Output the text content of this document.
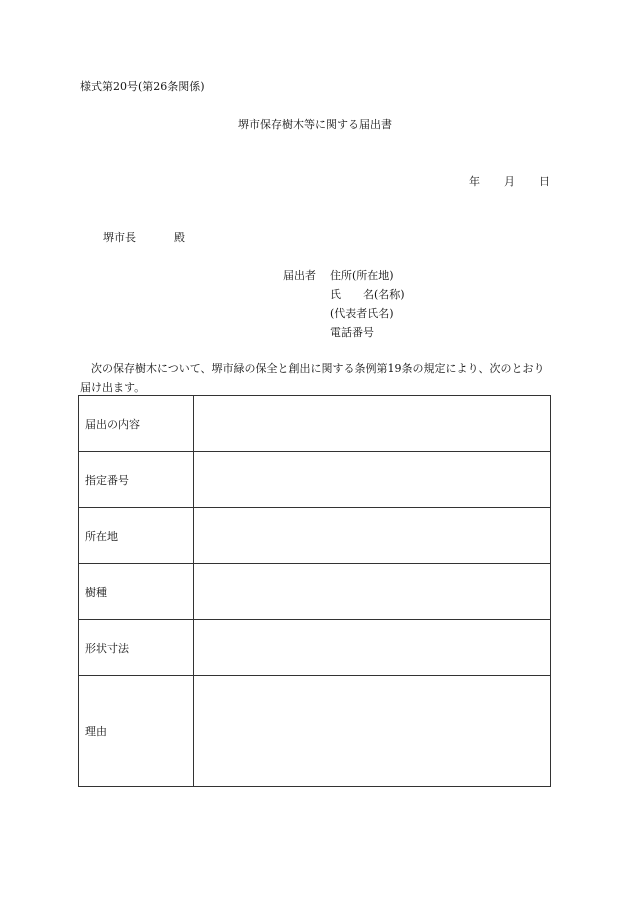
様式第20号(第26条関係)
堺市保存樹木等に関する届出書
年 月 日
堺市長	殿
届出者 住所(所在地)
氏　　名(名称)
(代表者氏名)
電話番号
次の保存樹木について、堺市緑の保全と創出に関する条例第19条の規定により、次のとおり届け出ます。
届出の内容	
指定番号	
所在地	
樹種	
形状寸法	
理由	
